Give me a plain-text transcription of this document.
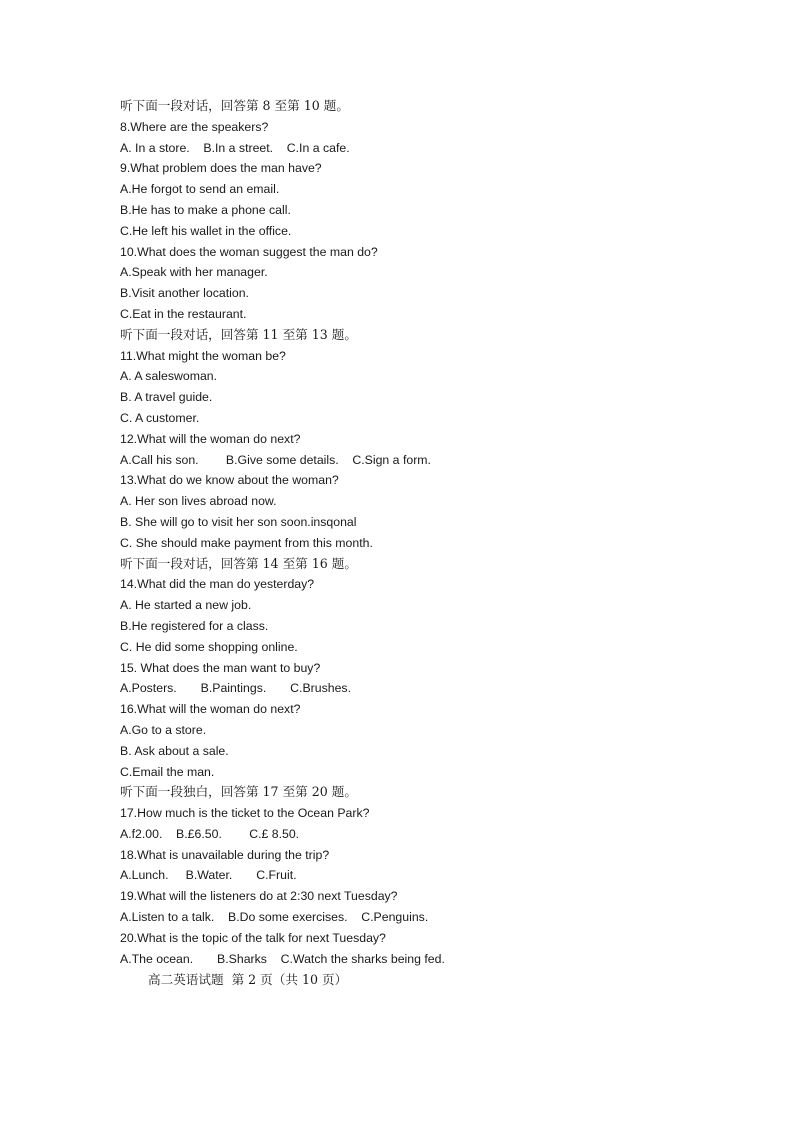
听下面一段对话，回答第 8 至第 10 题。
8.Where are the speakers?
A. In a store.    B.In a street.    C.In a cafe.
9.What problem does the man have?
A.He forgot to send an email.
B.He has to make a phone call.
C.He left his wallet in the office.
10.What does the woman suggest the man do?
A.Speak with her manager.
B.Visit another location.
C.Eat in the restaurant.
听下面一段对话，回答第 11 至第 13 题。
11.What might the woman be?
A. A saleswoman.
B. A travel guide.
C. A customer.
12.What will the woman do next?
A.Call his son.        B.Give some details.    C.Sign a form.
13.What do we know about the woman?
A. Her son lives abroad now.
B. She will go to visit her son soon.insqonal
C. She should make payment from this month.
听下面一段对话，回答第 14 至第 16 题。
14.What did the man do yesterday?
A. He started a new job.
B.He registered for a class.
C. He did some shopping online.
15. What does the man want to buy?
A.Posters.       B.Paintings.       C.Brushes.
16.What will the woman do next?
A.Go to a store.
B. Ask about a sale.
C.Email the man.
听下面一段独白，回答第 17 至第 20 题。
17.How much is the ticket to the Ocean Park?
A.f2.00.    B.£6.50.        C.£ 8.50.
18.What is unavailable during the trip?
A.Lunch.     B.Water.       C.Fruit.
19.What will the listeners do at 2:30 next Tuesday?
A.Listen to a talk.    B.Do some exercises.    C.Penguins.
20.What is the topic of the talk for next Tuesday?
A.The ocean.       B.Sharks    C.Watch the sharks being fed.
高二英语试题  第 2 页（共 10 页）
